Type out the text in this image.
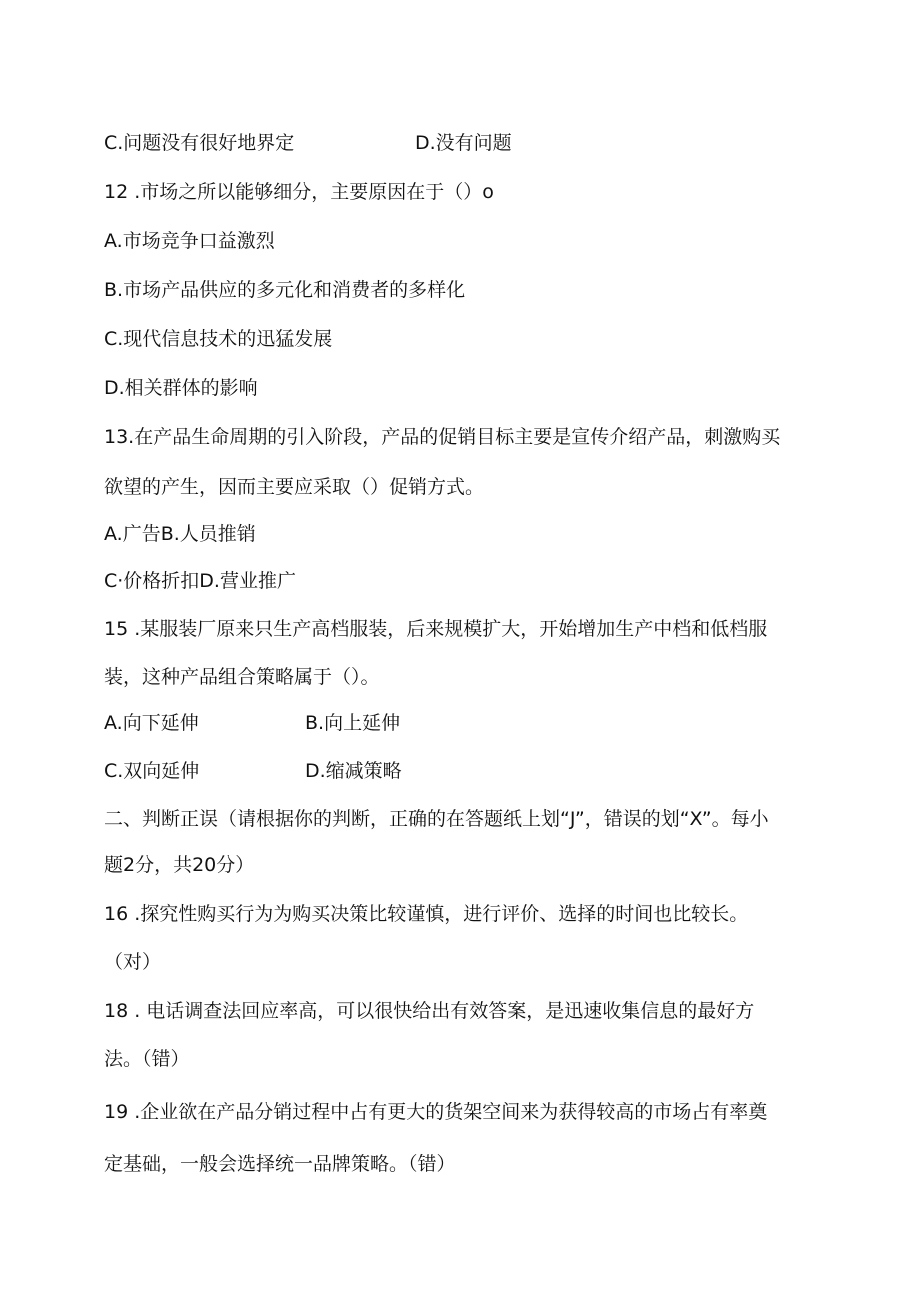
C.问题没有很好地界定	D.没有问题
12 .市场之所以能够细分，主要原因在于（）o
A.市场竞争口益激烈
B.市场产品供应的多元化和消费者的多样化
C.现代信息技术的迅猛发展
D.相关群体的影响
13.在产品生命周期的引入阶段，产品的促销目标主要是宣传介绍产品，刺激购买
欲望的产生，因而主要应采取（）促销方式。
A.广告B.人员推销
C·价格折扣D.营业推广
15 .某服装厂原来只生产高档服装，后来规模扩大，开始增加生产中档和低档服
装，这种产品组合策略属于（）。
A.向下延伸	B.向上延伸
C.双向延伸	D.缩减策略
二、判断正误（请根据你的判断，正确的在答题纸上划“J”，错误的划“X”。每小
题2分，共20分）
16 .探究性购买行为为购买决策比较谨慎，进行评价、选择的时间也比较长。
（对）
18 . 电话调查法回应率高，可以很快给出有效答案，是迅速收集信息的最好方
法。（错）
19 .企业欲在产品分销过程中占有更大的货架空间来为获得较高的市场占有率奠
定基础，一般会选择统一品牌策略。（错）
